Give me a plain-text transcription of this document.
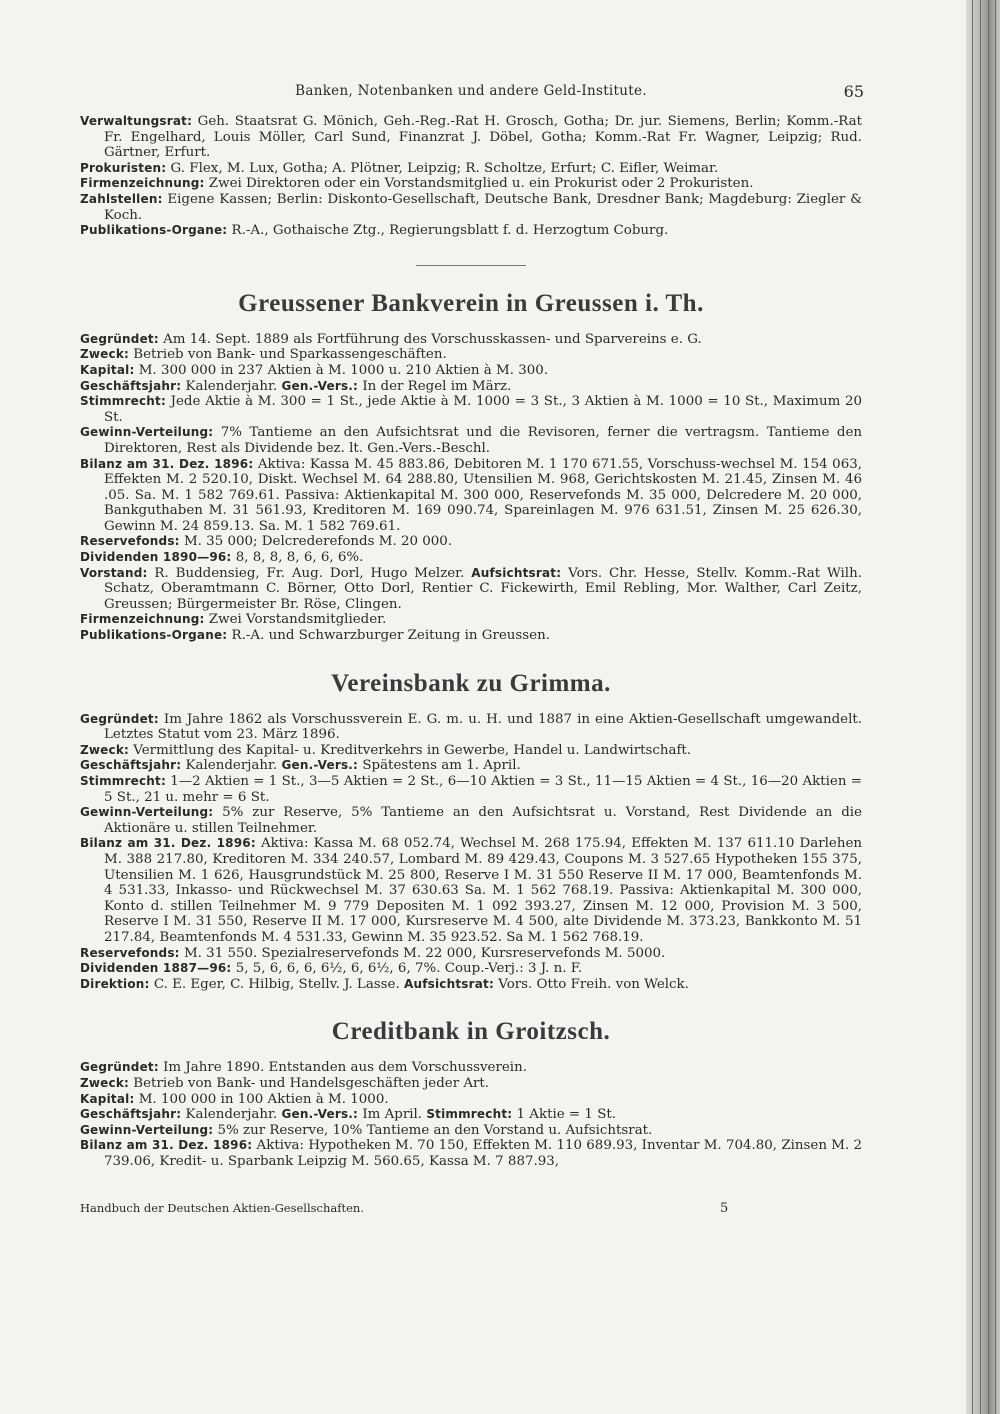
Banken, Notenbanken und andere Geld-Institute.	65

Verwaltungsrat: Geh. Staatsrat G. Mönich, Geh.-Reg.-Rat H. Grosch, Gotha; Dr. jur. Siemens, Berlin; Komm.-Rat Fr. Engelhard, Louis Möller, Carl Sund, Finanzrat J. Döbel, Gotha; Komm.-Rat Fr. Wagner, Leipzig; Rud. Gärtner, Erfurt.

Prokuristen: G. Flex, M. Lux, Gotha; A. Plötner, Leipzig; R. Scholtze, Erfurt; C. Eifler, Weimar.

Firmenzeichnung: Zwei Direktoren oder ein Vorstandsmitglied u. ein Prokurist oder 2 Prokuristen.

Zahlstellen: Eigene Kassen; Berlin: Diskonto-Gesellschaft, Deutsche Bank, Dresdner Bank; Magdeburg: Ziegler & Koch.

Publikations-Organe: R.-A., Gothaische Ztg., Regierungsblatt f. d. Herzogtum Coburg.

Greussener Bankverein in Greussen i. Th.

Gegründet: Am 14. Sept. 1889 als Fortführung des Vorschusskassen- und Sparvereins e. G.

Zweck: Betrieb von Bank- und Sparkassengeschäften.

Kapital: M. 300 000 in 237 Aktien à M. 1000 u. 210 Aktien à M. 300.

Geschäftsjahr: Kalenderjahr. Gen.-Vers.: In der Regel im März.

Stimmrecht: Jede Aktie à M. 300 = 1 St., jede Aktie à M. 1000 = 3 St., 3 Aktien à M. 1000 = 10 St., Maximum 20 St.

Gewinn-Verteilung: 7% Tantieme an den Aufsichtsrat und die Revisoren, ferner die vertragsm. Tantieme den Direktoren, Rest als Dividende bez. lt. Gen.-Vers.-Beschl.

Bilanz am 31. Dez. 1896: Aktiva: Kassa M. 45 883.86, Debitoren M. 1 170 671.55, Vorschuss-wechsel M. 154 063, Effekten M. 2 520.10, Diskt. Wechsel M. 64 288.80, Utensilien M. 968, Gerichtskosten M. 21.45, Zinsen M. 46 .05. Sa. M. 1 582 769.61. Passiva: Aktienkapital M. 300 000, Reservefonds M. 35 000, Delcredere M. 20 000, Bankguthaben M. 31 561.93, Kreditoren M. 169 090.74, Spareinlagen M. 976 631.51, Zinsen M. 25 626.30, Gewinn M. 24 859.13. Sa. M. 1 582 769.61.

Reservefonds: M. 35 000; Delcrederefonds M. 20 000.

Dividenden 1890—96: 8, 8, 8, 8, 6, 6, 6%.

Vorstand: R. Buddensieg, Fr. Aug. Dorl, Hugo Melzer. Aufsichtsrat: Vors. Chr. Hesse, Stellv. Komm.-Rat Wilh. Schatz, Oberamtmann C. Börner, Otto Dorl, Rentier C. Fickewirth, Emil Rebling, Mor. Walther, Carl Zeitz, Greussen; Bürgermeister Br. Röse, Clingen.

Firmenzeichnung: Zwei Vorstandsmitglieder.

Publikations-Organe: R.-A. und Schwarzburger Zeitung in Greussen.

Vereinsbank zu Grimma.

Gegründet: Im Jahre 1862 als Vorschussverein E. G. m. u. H. und 1887 in eine Aktien-Gesellschaft umgewandelt. Letztes Statut vom 23. März 1896.

Zweck: Vermittlung des Kapital- u. Kreditverkehrs in Gewerbe, Handel u. Landwirtschaft.

Geschäftsjahr: Kalenderjahr. Gen.-Vers.: Spätestens am 1. April.

Stimmrecht: 1—2 Aktien = 1 St., 3—5 Aktien = 2 St., 6—10 Aktien = 3 St., 11—15 Aktien = 4 St., 16—20 Aktien = 5 St., 21 u. mehr = 6 St.

Gewinn-Verteilung: 5% zur Reserve, 5% Tantieme an den Aufsichtsrat u. Vorstand, Rest Dividende an die Aktionäre u. stillen Teilnehmer.

Bilanz am 31. Dez. 1896: Aktiva: Kassa M. 68 052.74, Wechsel M. 268 175.94, Effekten M. 137 611.10 Darlehen M. 388 217.80, Kreditoren M. 334 240.57, Lombard M. 89 429.43, Coupons M. 3 527.65 Hypotheken 155 375, Utensilien M. 1 626, Hausgrundstück M. 25 800, Reserve I M. 31 550 Reserve II M. 17 000, Beamtenfonds M. 4 531.33, Inkasso- und Rückwechsel M. 37 630.63 Sa. M. 1 562 768.19. Passiva: Aktienkapital M. 300 000, Konto d. stillen Teilnehmer M. 9 779 Depositen M. 1 092 393.27, Zinsen M. 12 000, Provision M. 3 500, Reserve I M. 31 550, Reserve II M. 17 000, Kursreserve M. 4 500, alte Dividende M. 373.23, Bankkonto M. 51 217.84, Beamtenfonds M. 4 531.33, Gewinn M. 35 923.52. Sa M. 1 562 768.19.

Reservefonds: M. 31 550. Spezialreservefonds M. 22 000, Kursreservefonds M. 5000.

Dividenden 1887—96: 5, 5, 6, 6, 6, 6½, 6, 6½, 6, 7%. Coup.-Verj.: 3 J. n. F.

Direktion: C. E. Eger, C. Hilbig, Stellv. J. Lasse. Aufsichtsrat: Vors. Otto Freih. von Welck.

Creditbank in Groitzsch.

Gegründet: Im Jahre 1890. Entstanden aus dem Vorschussverein.

Zweck: Betrieb von Bank- und Handelsgeschäften jeder Art.

Kapital: M. 100 000 in 100 Aktien à M. 1000.

Geschäftsjahr: Kalenderjahr. Gen.-Vers.: Im April. Stimmrecht: 1 Aktie = 1 St.

Gewinn-Verteilung: 5% zur Reserve, 10% Tantieme an den Vorstand u. Aufsichtsrat.

Bilanz am 31. Dez. 1896: Aktiva: Hypotheken M. 70 150, Effekten M. 110 689.93, Inventar M. 704.80, Zinsen M. 2 739.06, Kredit- u. Sparbank Leipzig M. 560.65, Kassa M. 7 887.93,

Handbuch der Deutschen Aktien-Gesellschaften.	5
